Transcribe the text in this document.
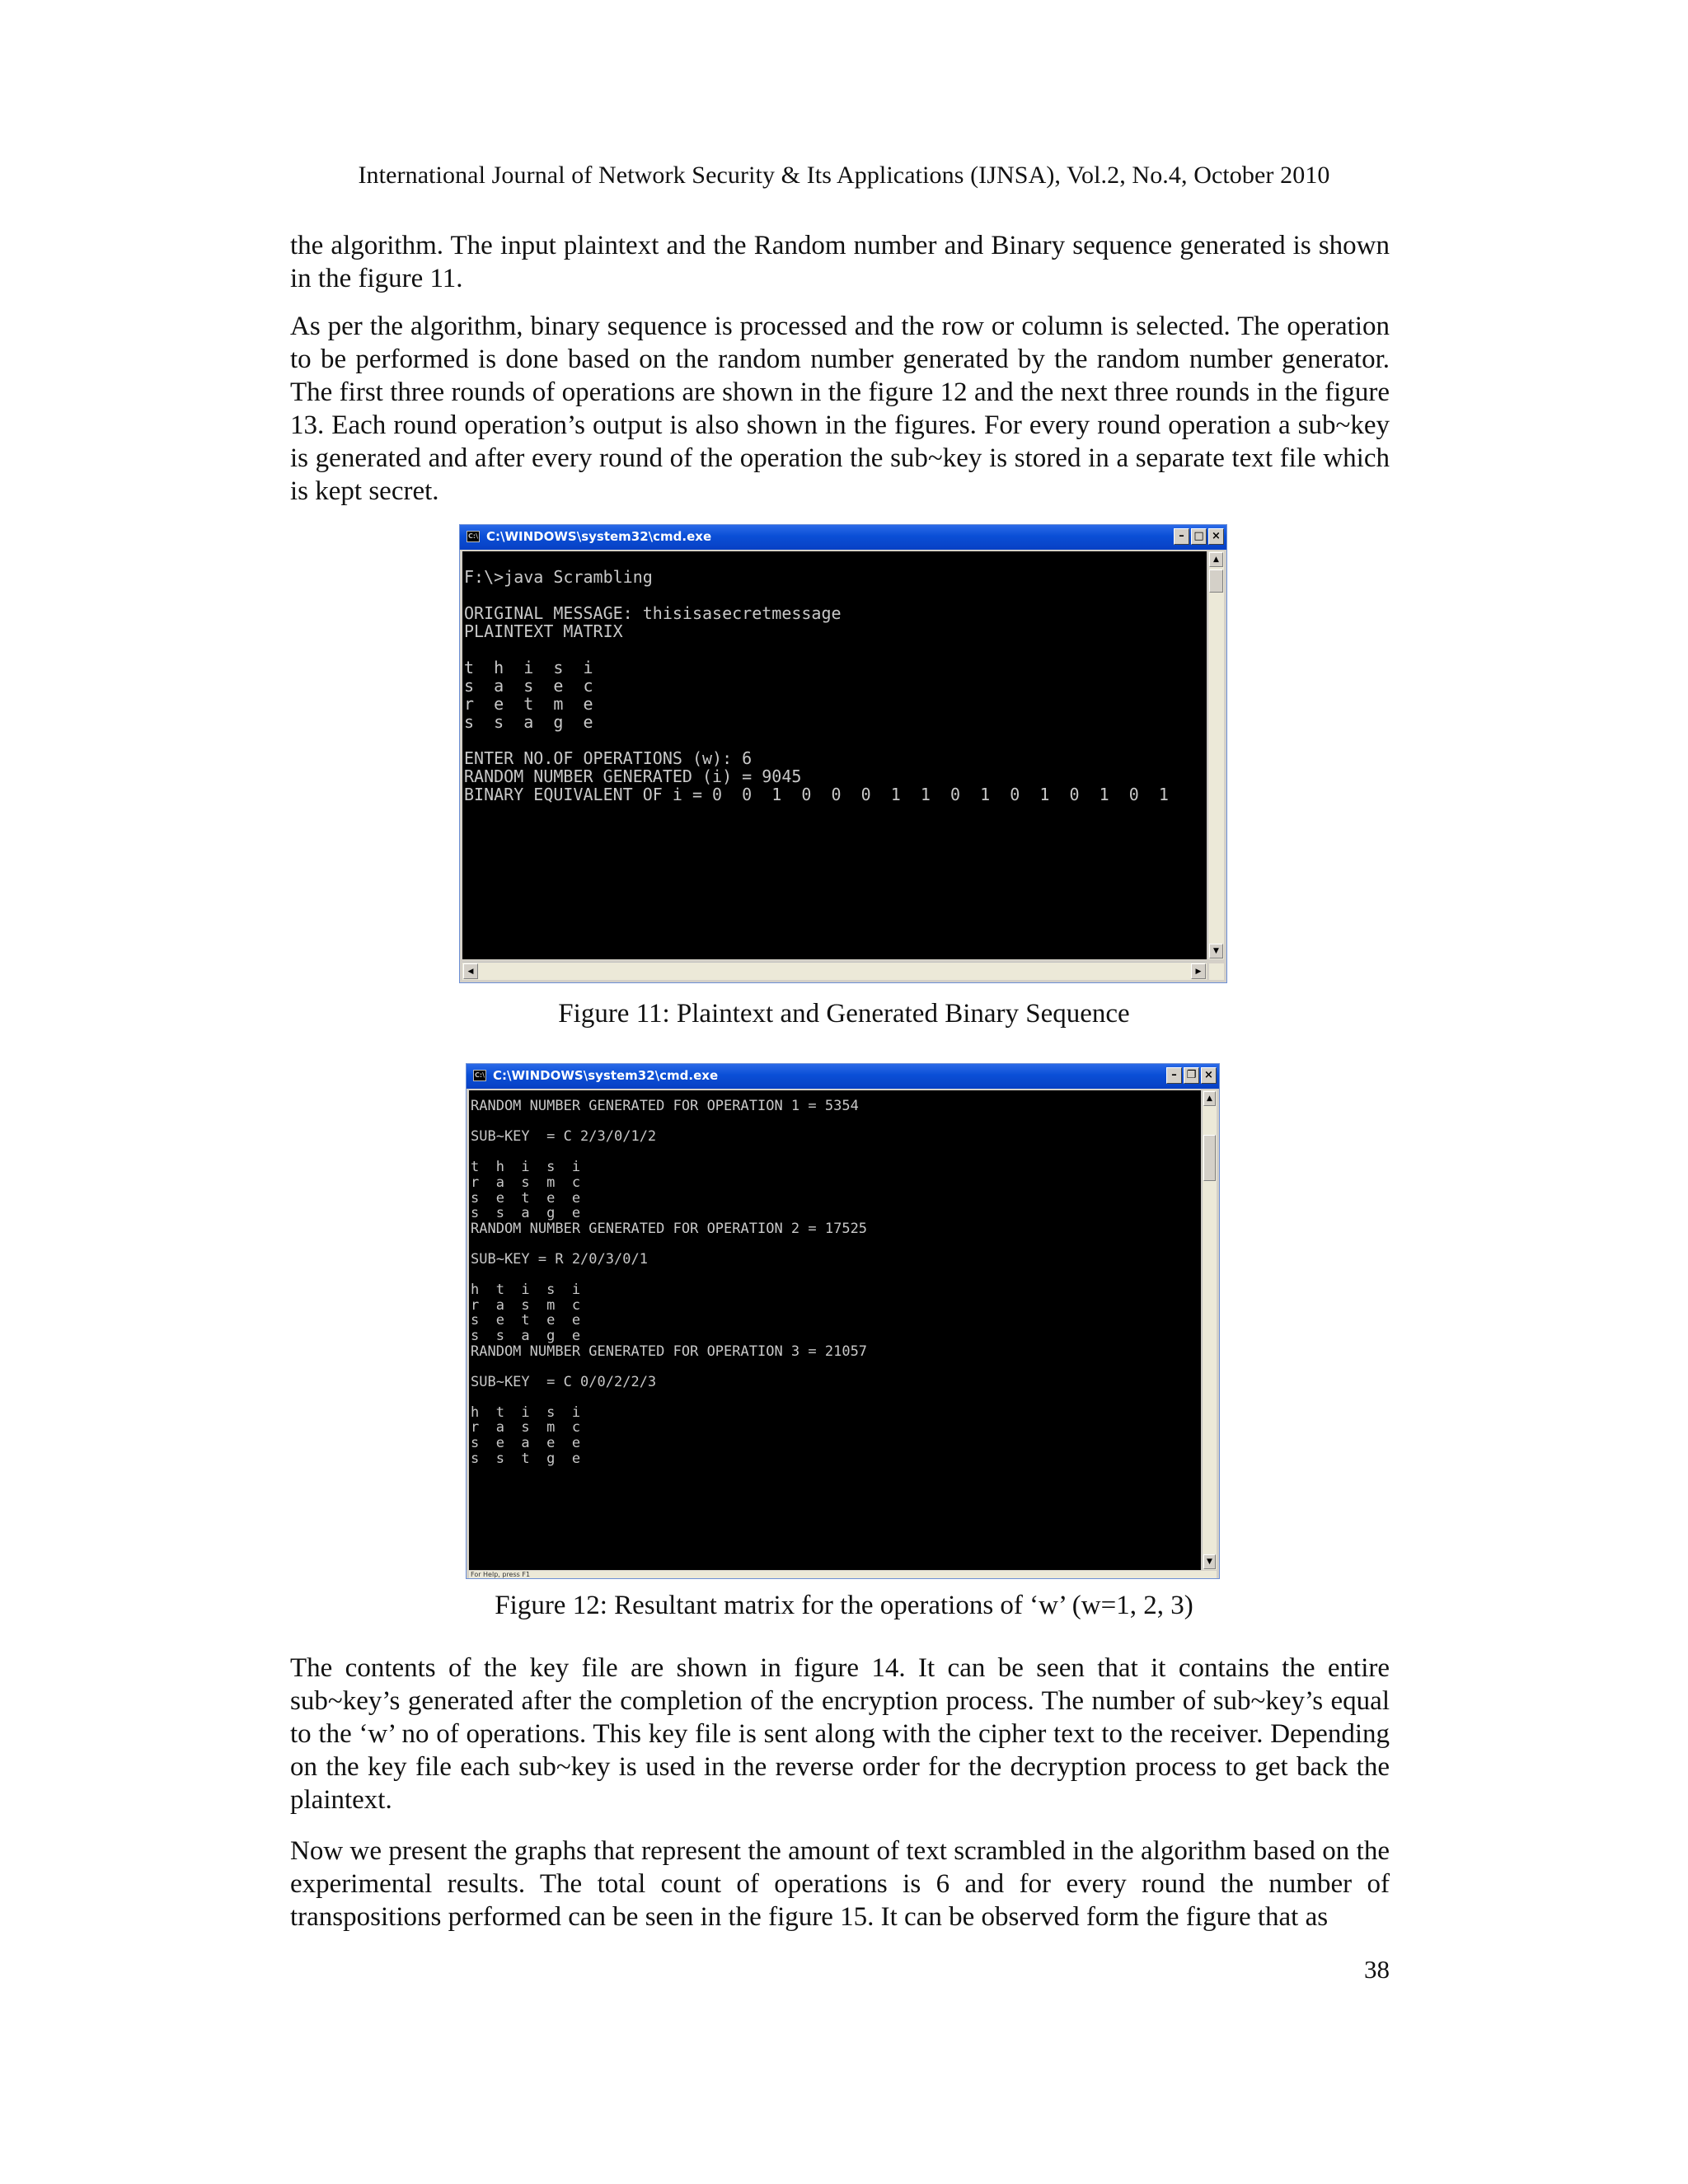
International Journal of Network Security & Its Applications (IJNSA), Vol.2, No.4, October 2010
the algorithm. The input plaintext and the Random number and Binary sequence generated is shown in the figure 11.
As per the algorithm, binary sequence is processed and the row or column is selected. The operation to be performed is done based on the random number generated by the random number generator. The first three rounds of operations are shown in the figure 12 and the next three rounds in the figure 13. Each round operation’s output is also shown in the figures. For every round operation a sub~key is generated and after every round of the operation the sub~key is stored in a separate text file which is kept secret.
C:\ C:\WINDOWS\system32\cmd.exe	– □ ×
F:\>java Scrambling

ORIGINAL MESSAGE: thisisasecretmessage
PLAINTEXT MATRIX

t  h  i  s  i
s  a  s  e  c
r  e  t  m  e
s  s  a  g  e

ENTER NO.OF OPERATIONS (w): 6
RANDOM NUMBER GENERATED (i) = 9045
BINARY EQUIVALENT OF i = 0  0  1  0  0  0  1  1  0  1  0  1  0  1  0  1
▲
▼
◀	▶
Figure 11: Plaintext and Generated Binary Sequence
C:\ C:\WINDOWS\system32\cmd.exe	– ❐ ×
RANDOM NUMBER GENERATED FOR OPERATION 1 = 5354

SUB~KEY  = C 2/3/0/1/2

t  h  i  s  i
r  a  s  m  c
s  e  t  e  e
s  s  a  g  e
RANDOM NUMBER GENERATED FOR OPERATION 2 = 17525

SUB~KEY = R 2/0/3/0/1

h  t  i  s  i
r  a  s  m  c
s  e  t  e  e
s  s  a  g  e
RANDOM NUMBER GENERATED FOR OPERATION 3 = 21057

SUB~KEY  = C 0/0/2/2/3

h  t  i  s  i
r  a  s  m  c
s  e  a  e  e
s  s  t  g  e
▲
▼
For Help, press F1
Figure 12: Resultant matrix for the operations of ‘w’ (w=1, 2, 3)
The contents of the key file are shown in figure 14. It can be seen that it contains the entire sub~key’s generated after the completion of the encryption process. The number of sub~key’s equal to the ‘w’ no of operations. This key file is sent along with the cipher text to the receiver. Depending on the key file each sub~key is used in the reverse order for the decryption process to get back the plaintext.
Now we present the graphs that represent the amount of text scrambled in the algorithm based on the experimental results. The total count of operations is 6 and for every round the number of transpositions performed can be seen in the figure 15. It can be observed form the figure that as
38
